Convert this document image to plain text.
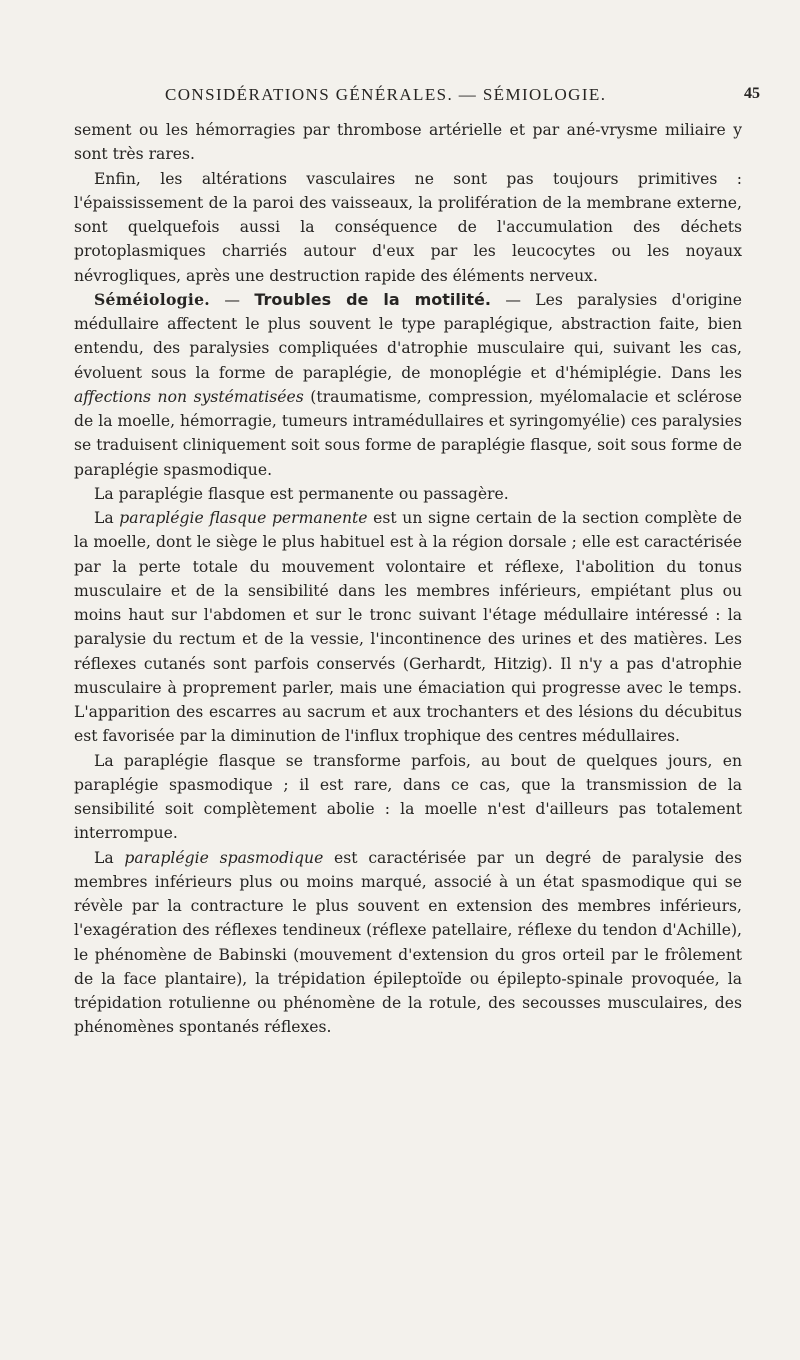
CONSIDÉRATIONS GÉNÉRALES. — SÉMIOLOGIE.	45

sement ou les hémorragies par thrombose artérielle et par ané-vrysme miliaire y sont très rares.

Enfin, les altérations vasculaires ne sont pas toujours primitives : l'épaississement de la paroi des vaisseaux, la prolifération de la membrane externe, sont quelquefois aussi la conséquence de l'accumulation des déchets protoplasmiques charriés autour d'eux par les leucocytes ou les noyaux névrogliques, après une destruction rapide des éléments nerveux.

Séméiologie. — Troubles de la motilité. — Les paralysies d'origine médullaire affectent le plus souvent le type paraplégique, abstraction faite, bien entendu, des paralysies compliquées d'atrophie musculaire qui, suivant les cas, évoluent sous la forme de paraplégie, de monoplégie et d'hémiplégie. Dans les affections non systématisées (traumatisme, compression, myélomalacie et sclérose de la moelle, hémorragie, tumeurs intramédullaires et syringomyélie) ces paralysies se traduisent cliniquement soit sous forme de paraplégie flasque, soit sous forme de paraplégie spasmodique.

La paraplégie flasque est permanente ou passagère.

La paraplégie flasque permanente est un signe certain de la section complète de la moelle, dont le siège le plus habituel est à la région dorsale ; elle est caractérisée par la perte totale du mouvement volontaire et réflexe, l'abolition du tonus musculaire et de la sensibilité dans les membres inférieurs, empiétant plus ou moins haut sur l'abdomen et sur le tronc suivant l'étage médullaire intéressé : la paralysie du rectum et de la vessie, l'incontinence des urines et des matières. Les réflexes cutanés sont parfois conservés (Gerhardt, Hitzig). Il n'y a pas d'atrophie musculaire à proprement parler, mais une émaciation qui progresse avec le temps. L'apparition des escarres au sacrum et aux trochanters et des lésions du décubitus est favorisée par la diminution de l'influx trophique des centres médullaires.

La paraplégie flasque se transforme parfois, au bout de quelques jours, en paraplégie spasmodique ; il est rare, dans ce cas, que la transmission de la sensibilité soit complètement abolie : la moelle n'est d'ailleurs pas totalement interrompue.

La paraplégie spasmodique est caractérisée par un degré de paralysie des membres inférieurs plus ou moins marqué, associé à un état spasmodique qui se révèle par la contracture le plus souvent en extension des membres inférieurs, l'exagération des réflexes tendineux (réflexe patellaire, réflexe du tendon d'Achille), le phénomène de Babinski (mouvement d'extension du gros orteil par le frôlement de la face plantaire), la trépidation épileptoïde ou épilepto-spinale provoquée, la trépidation rotulienne ou phénomène de la rotule, des secousses musculaires, des phénomènes spontanés réflexes.
